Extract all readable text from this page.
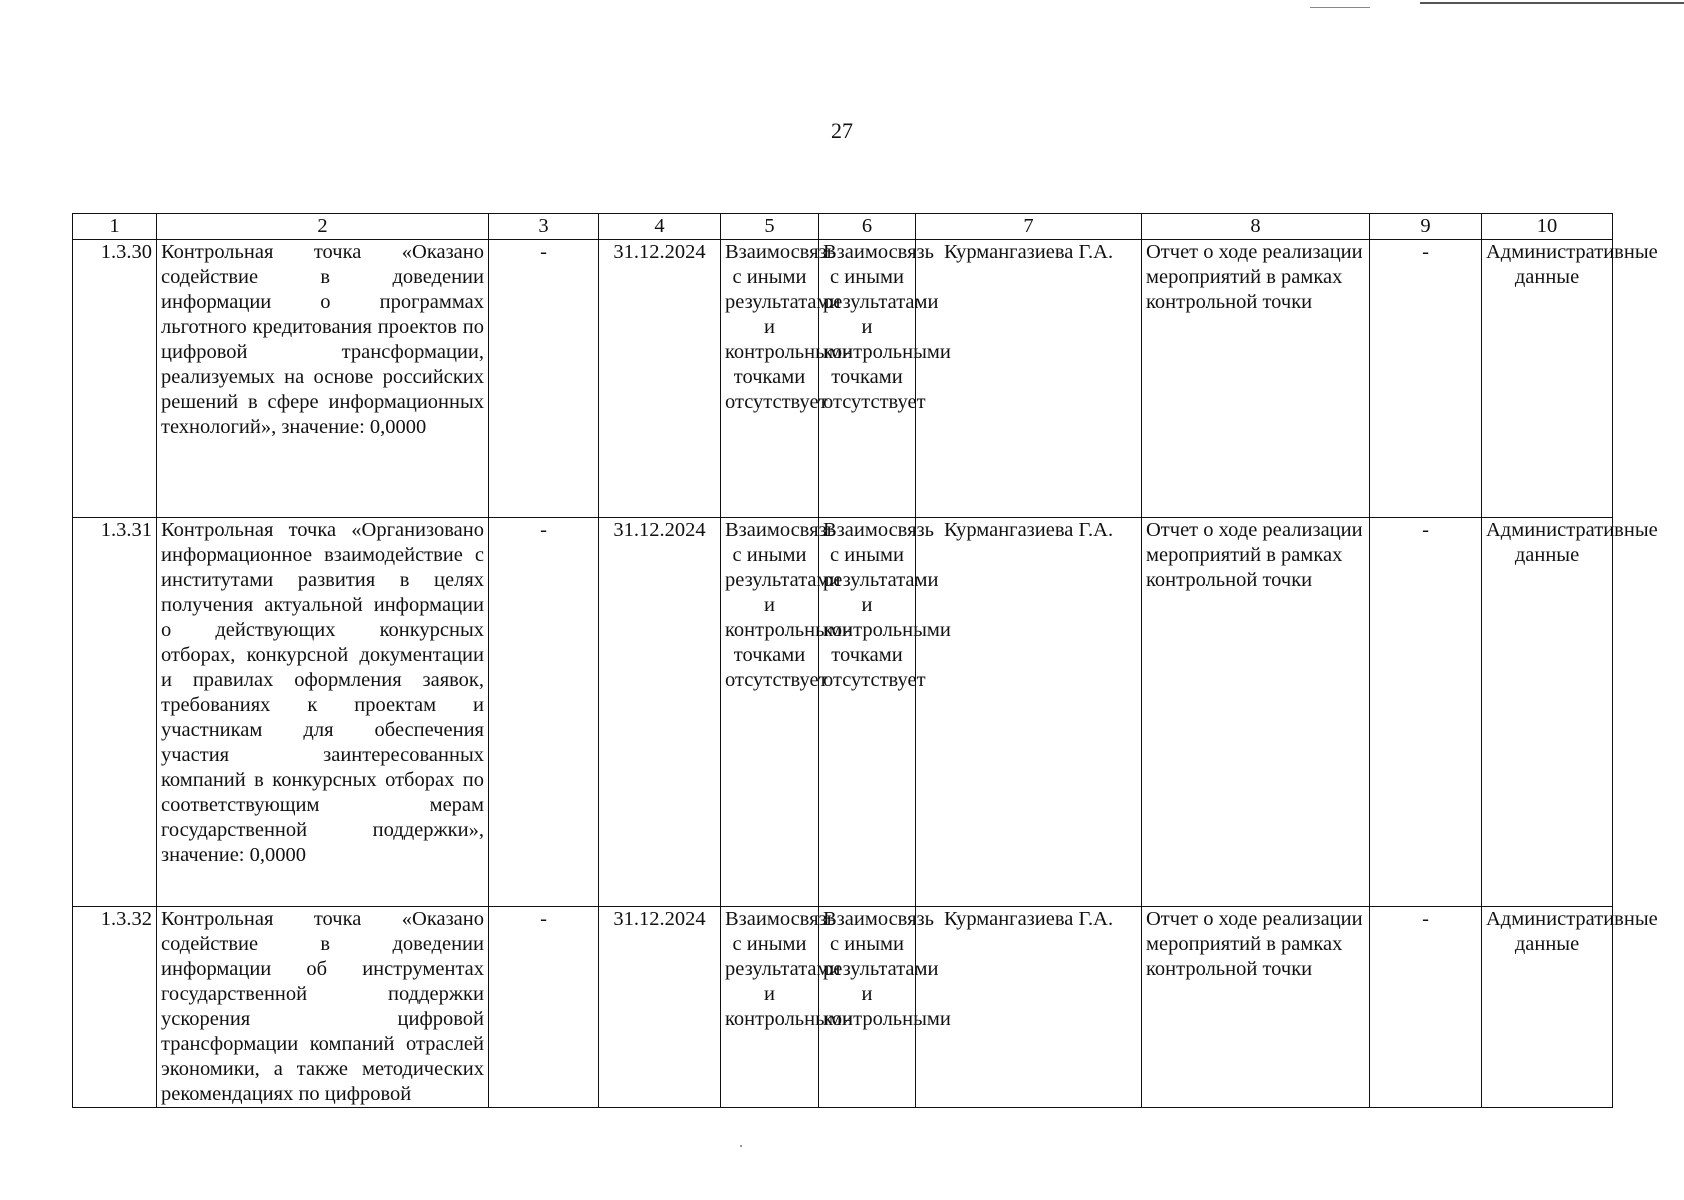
27
1	2	3	4	5	6	7	8	9	10
1.3.30	Контрольная точка «Оказано содействие в доведении информации о программах льготного кредитования проектов по цифровой трансформации, реализуемых на основе российских решений в сфере информационных технологий», значение: 0,0000	-	31.12.2024	Взаимосвязь с иными результатами и контрольными точками отсутствует	Взаимосвязь с иными результатами и контрольными точками отсутствует	Курмангазиева Г.А.	Отчет о ходе реализации мероприятий в рамках контрольной точки	-	Административные данные
1.3.31	Контрольная точка «Организовано информационное взаимодействие с институтами развития в целях получения актуальной информации о действующих конкурсных отборах, конкурсной документации и правилах оформления заявок, требованиях к проектам и участникам для обеспечения участия заинтересованных компаний в конкурсных отборах по соответствующим мерам государственной поддержки», значение: 0,0000	-	31.12.2024	Взаимосвязь с иными результатами и контрольными точками отсутствует	Взаимосвязь с иными результатами и контрольными точками отсутствует	Курмангазиева Г.А.	Отчет о ходе реализации мероприятий в рамках контрольной точки	-	Административные данные
1.3.32	Контрольная точка «Оказано содействие в доведении информации об инструментах государственной поддержки ускорения цифровой трансформации компаний отраслей экономики, а также методических рекомендациях по цифровой	-	31.12.2024	Взаимосвязь с иными результатами и контрольными	Взаимосвязь с иными результатами и контрольными	Курмангазиева Г.А.	Отчет о ходе реализации мероприятий в рамках контрольной точки	-	Административные данные
